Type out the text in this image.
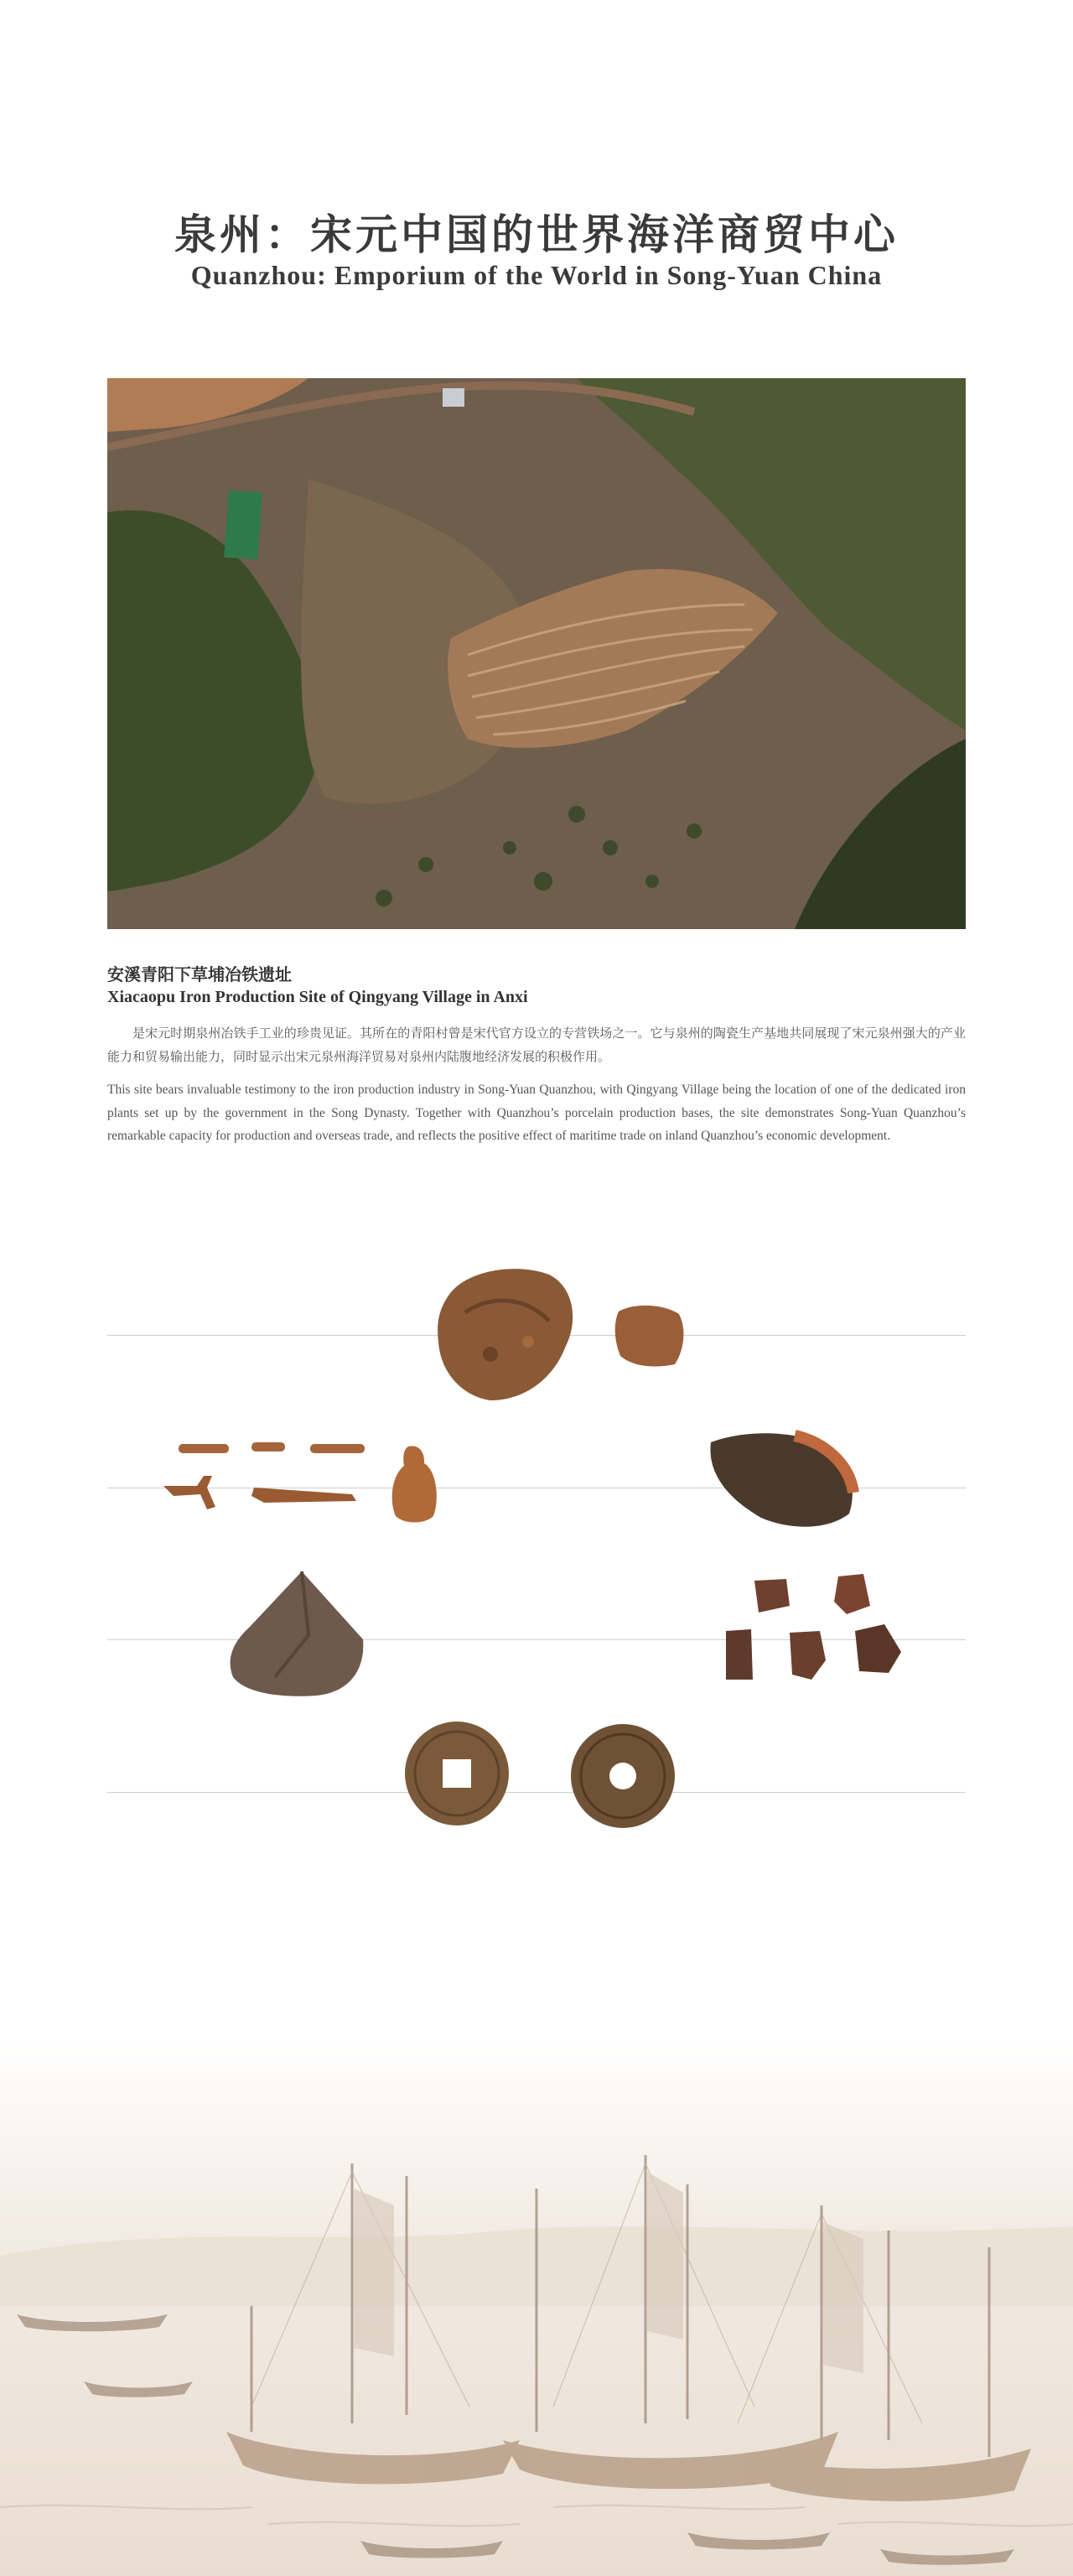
泉州：宋元中国的世界海洋商贸中心
Quanzhou: Emporium of the World in Song-Yuan China
安溪青阳下草埔冶铁遗址
Xiacaopu Iron Production Site of Qingyang Village in Anxi
是宋元时期泉州冶铁手工业的珍贵见证。其所在的青阳村曾是宋代官方设立的专营铁场之一。它与泉州的陶瓷生产基地共同展现了宋元泉州强大的产业能力和贸易输出能力，同时显示出宋元泉州海洋贸易对泉州内陆腹地经济发展的积极作用。
This site bears invaluable testimony to the iron production industry in Song-Yuan Quanzhou, with Qingyang Village being the location of one of the dedicated iron plants set up by the government in the Song Dynasty. Together with Quanzhou’s porcelain production bases, the site demonstrates Song-Yuan Quanzhou’s remarkable capacity for production and overseas trade, and reflects the positive effect of maritime trade on inland Quanzhou’s economic development.
